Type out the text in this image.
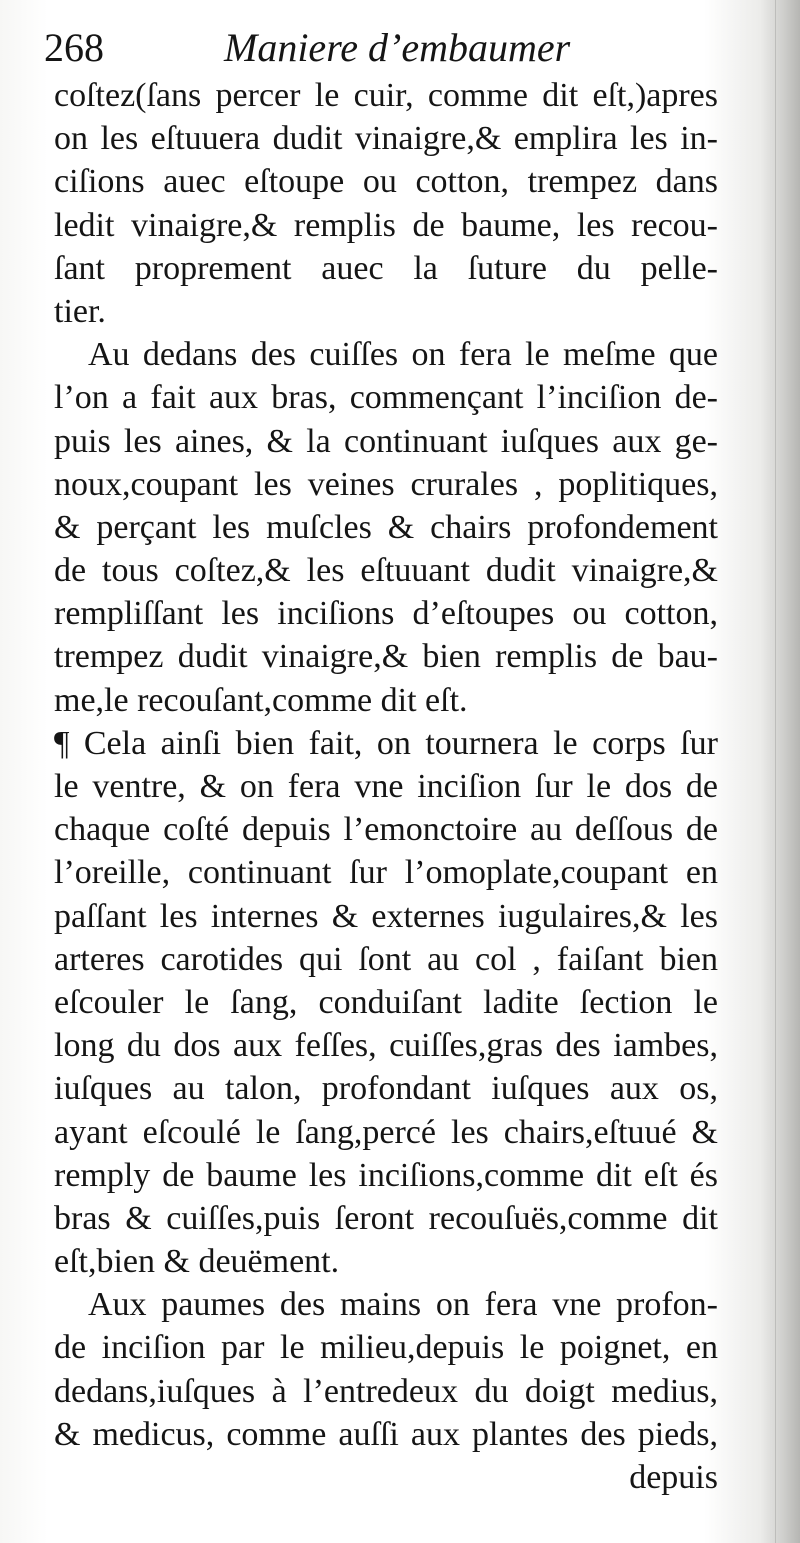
268	Maniere d’embaumer
coſtez(ſans percer le cuir, comme dit eſt,)apres
on les eſtuuera dudit vinaigre,& emplira les in-
ciſions auec eſtoupe ou cotton, trempez dans
ledit vinaigre,& remplis de baume, les recou-
ſant proprement auec la ſuture du pelle-
tier.
Au dedans des cuiſſes on fera le meſme que
l’on a fait aux bras, commençant l’inciſion de-
puis les aines, & la continuant iuſques aux ge-
noux,coupant les veines crurales , poplitiques,
& perçant les muſcles & chairs profondement
de tous coſtez,& les eſtuuant dudit vinaigre,&
rempliſſant les inciſions d’eſtoupes ou cotton,
trempez dudit vinaigre,& bien remplis de bau-
me,le recouſant,comme dit eſt.
¶ Cela ainſi bien fait, on tournera le corps ſur
le ventre, & on fera vne inciſion ſur le dos de
chaque coſté depuis l’emonctoire au deſſous de
l’oreille, continuant ſur l’omoplate,coupant en
paſſant les internes & externes iugulaires,& les
arteres carotides qui ſont au col , faiſant bien
eſcouler le ſang, conduiſant ladite ſection le
long du dos aux feſſes, cuiſſes,gras des iambes,
iuſques au talon, profondant iuſques aux os,
ayant eſcoulé le ſang,percé les chairs,eſtuué &
remply de baume les inciſions,comme dit eſt és
bras & cuiſſes,puis ſeront recouſuës,comme dit
eſt,bien & deuëment.
Aux paumes des mains on fera vne profon-
de inciſion par le milieu,depuis le poignet, en
dedans,iuſques à l’entredeux du doigt medius,
& medicus, comme auſſi aux plantes des pieds,
depuis
